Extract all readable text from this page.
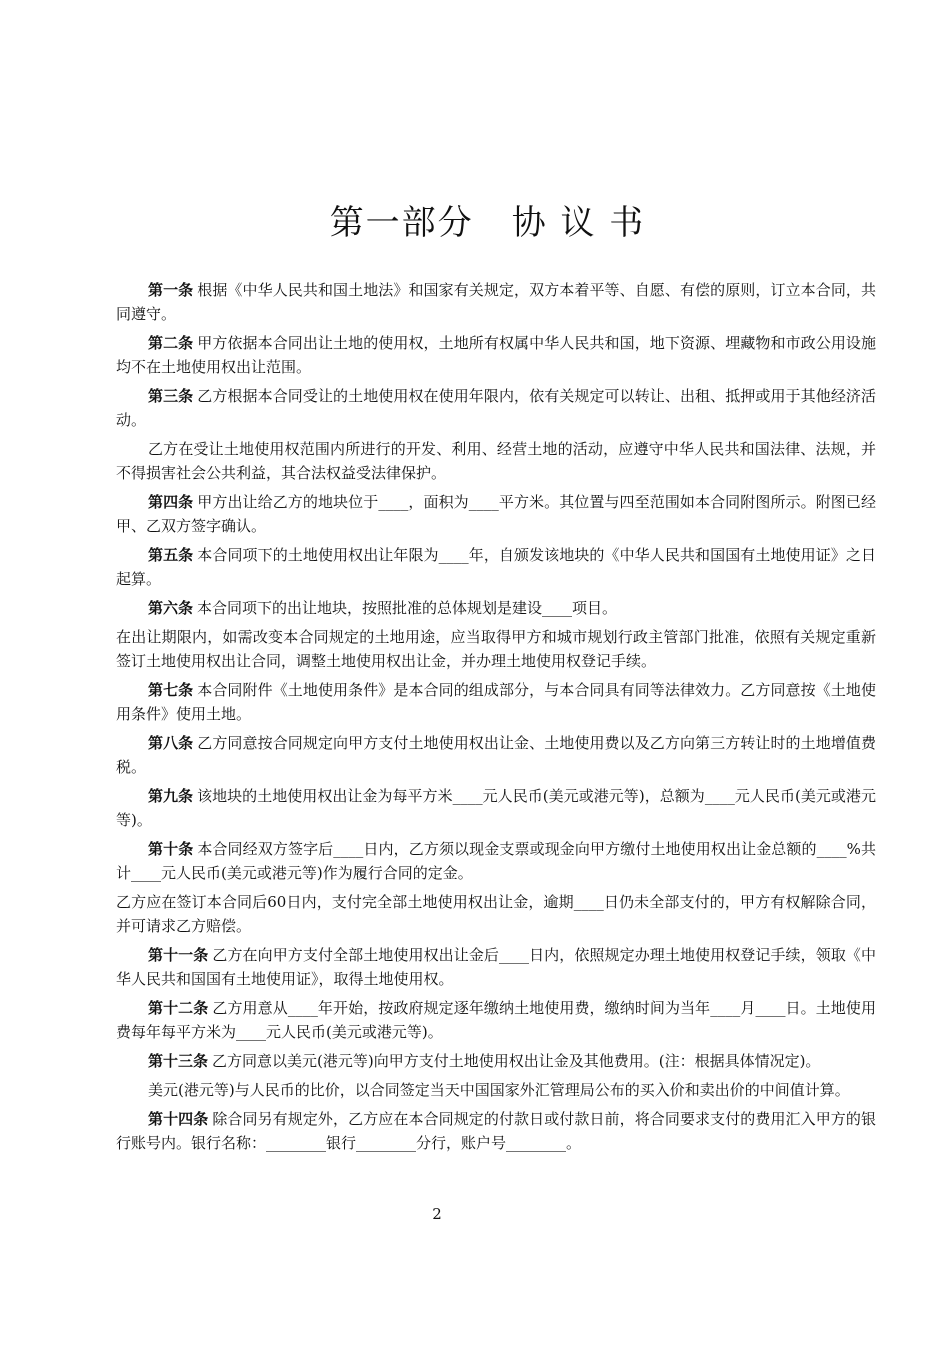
第一部分 协 议 书

第一条 根据《中华人民共和国土地法》和国家有关规定，双方本着平等、自愿、有偿的原则，订立本合同，共同遵守。

第二条 甲方依据本合同出让土地的使用权，土地所有权属中华人民共和国，地下资源、埋藏物和市政公用设施均不在土地使用权出让范围。

第三条 乙方根据本合同受让的土地使用权在使用年限内，依有关规定可以转让、出租、抵押或用于其他经济活动。

乙方在受让土地使用权范围内所进行的开发、利用、经营土地的活动，应遵守中华人民共和国法律、法规，并不得损害社会公共利益，其合法权益受法律保护。

第四条 甲方出让给乙方的地块位于____，面积为____平方米。其位置与四至范围如本合同附图所示。附图已经甲、乙双方签字确认。

第五条 本合同项下的土地使用权出让年限为____年，自颁发该地块的《中华人民共和国国有土地使用证》之日起算。

第六条 本合同项下的出让地块，按照批准的总体规划是建设____项目。

在出让期限内，如需改变本合同规定的土地用途，应当取得甲方和城市规划行政主管部门批准，依照有关规定重新签订土地使用权出让合同，调整土地使用权出让金，并办理土地使用权登记手续。

第七条 本合同附件《土地使用条件》是本合同的组成部分，与本合同具有同等法律效力。乙方同意按《土地使用条件》使用土地。

第八条 乙方同意按合同规定向甲方支付土地使用权出让金、土地使用费以及乙方向第三方转让时的土地增值费税。

第九条 该地块的土地使用权出让金为每平方米____元人民币(美元或港元等)，总额为____元人民币(美元或港元等)。

第十条 本合同经双方签字后____日内，乙方须以现金支票或现金向甲方缴付土地使用权出让金总额的____%共计____元人民币(美元或港元等)作为履行合同的定金。

乙方应在签订本合同后60日内，支付完全部土地使用权出让金，逾期____日仍未全部支付的，甲方有权解除合同，并可请求乙方赔偿。

第十一条 乙方在向甲方支付全部土地使用权出让金后____日内，依照规定办理土地使用权登记手续，领取《中华人民共和国国有土地使用证》，取得土地使用权。

第十二条 乙方用意从____年开始，按政府规定逐年缴纳土地使用费，缴纳时间为当年____月____日。土地使用费每年每平方米为____元人民币(美元或港元等)。

第十三条 乙方同意以美元(港元等)向甲方支付土地使用权出让金及其他费用。(注：根据具体情况定)。

美元(港元等)与人民币的比价，以合同签定当天中国国家外汇管理局公布的买入价和卖出价的中间值计算。

第十四条 除合同另有规定外，乙方应在本合同规定的付款日或付款日前，将合同要求支付的费用汇入甲方的银行账号内。银行名称：________银行________分行，账户号________。

2
